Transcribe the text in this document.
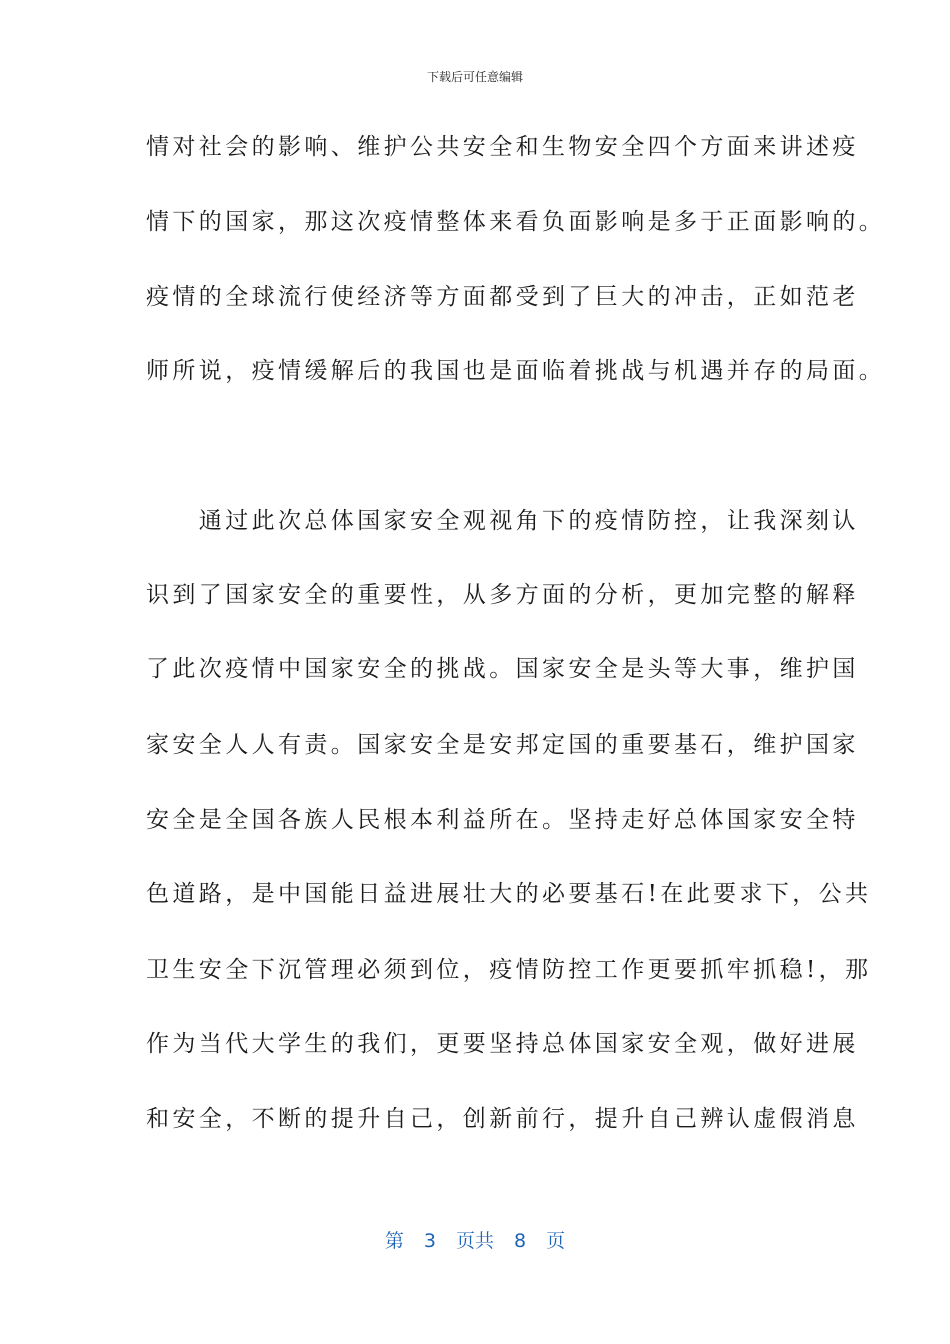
下载后可任意编辑
情对社会的影响、维护公共安全和生物安全四个方面来讲述疫
情下的国家，那这次疫情整体来看负面影响是多于正面影响的。
疫情的全球流行使经济等方面都受到了巨大的冲击，正如范老
师所说，疫情缓解后的我国也是面临着挑战与机遇并存的局面。
　　通过此次总体国家安全观视角下的疫情防控，让我深刻认
识到了国家安全的重要性，从多方面的分析，更加完整的解释
了此次疫情中国家安全的挑战。国家安全是头等大事，维护国
家安全人人有责。国家安全是安邦定国的重要基石，维护国家
安全是全国各族人民根本利益所在。坚持走好总体国家安全特
色道路，是中国能日益进展壮大的必要基石!在此要求下，公共
卫生安全下沉管理必须到位，疫情防控工作更要抓牢抓稳!，那
作为当代大学生的我们，更要坚持总体国家安全观，做好进展
和安全，不断的提升自己，创新前行，提升自己辨认虚假消息
第 3 页共 8 页
